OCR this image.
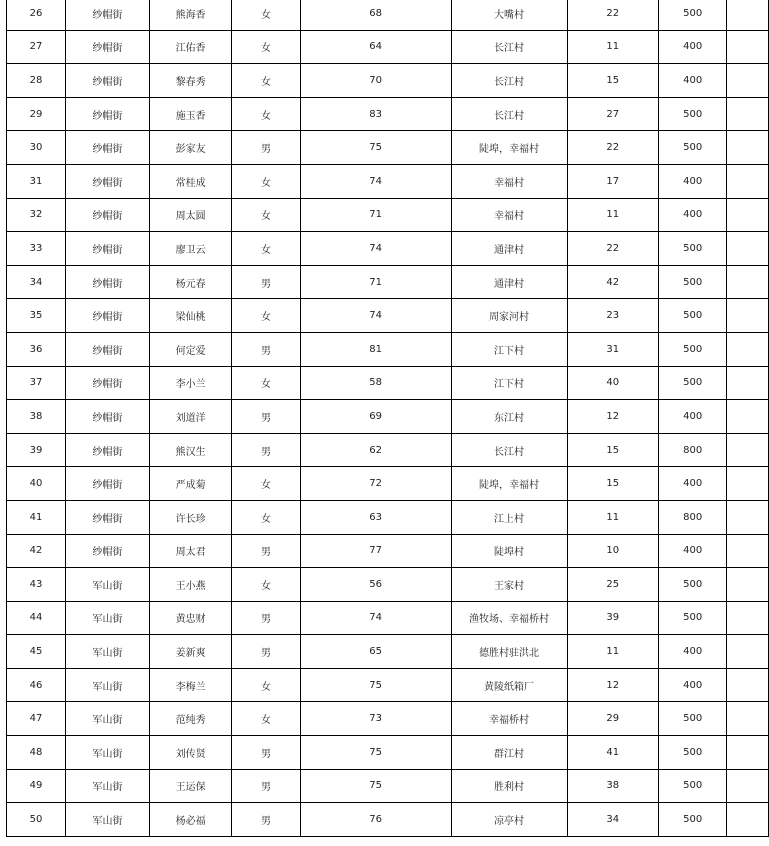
26	纱帽街	熊海香	女	68	大嘴村	22	500	
27	纱帽街	江佑香	女	64	长江村	11	400	
28	纱帽街	黎春秀	女	70	长江村	15	400	
29	纱帽街	施玉香	女	83	长江村	27	500	
30	纱帽街	彭家友	男	75	陡埠，幸福村	22	500	
31	纱帽街	常桂成	女	74	幸福村	17	400	
32	纱帽街	周太圆	女	71	幸福村	11	400	
33	纱帽街	廖卫云	女	74	通津村	22	500	
34	纱帽街	杨元春	男	71	通津村	42	500	
35	纱帽街	梁仙桃	女	74	周家河村	23	500	
36	纱帽街	何定爱	男	81	江下村	31	500	
37	纱帽街	李小兰	女	58	江下村	40	500	
38	纱帽街	刘道洋	男	69	东江村	12	400	
39	纱帽街	熊汉生	男	62	长江村	15	800	
40	纱帽街	严成菊	女	72	陡埠，幸福村	15	400	
41	纱帽街	许长珍	女	63	江上村	11	800	
42	纱帽街	周太君	男	77	陡埠村	10	400	
43	军山街	王小燕	女	56	王家村	25	500	
44	军山街	黄忠财	男	74	渔牧场、幸福桥村	39	500	
45	军山街	姜新爽	男	65	德胜村驻洪北	11	400	
46	军山街	李梅兰	女	75	黄陵纸箱厂	12	400	
47	军山街	范纯秀	女	73	幸福桥村	29	500	
48	军山街	刘传贤	男	75	群江村	41	500	
49	军山街	王运保	男	75	胜利村	38	500	
50	军山街	杨必福	男	76	凉亭村	34	500	
